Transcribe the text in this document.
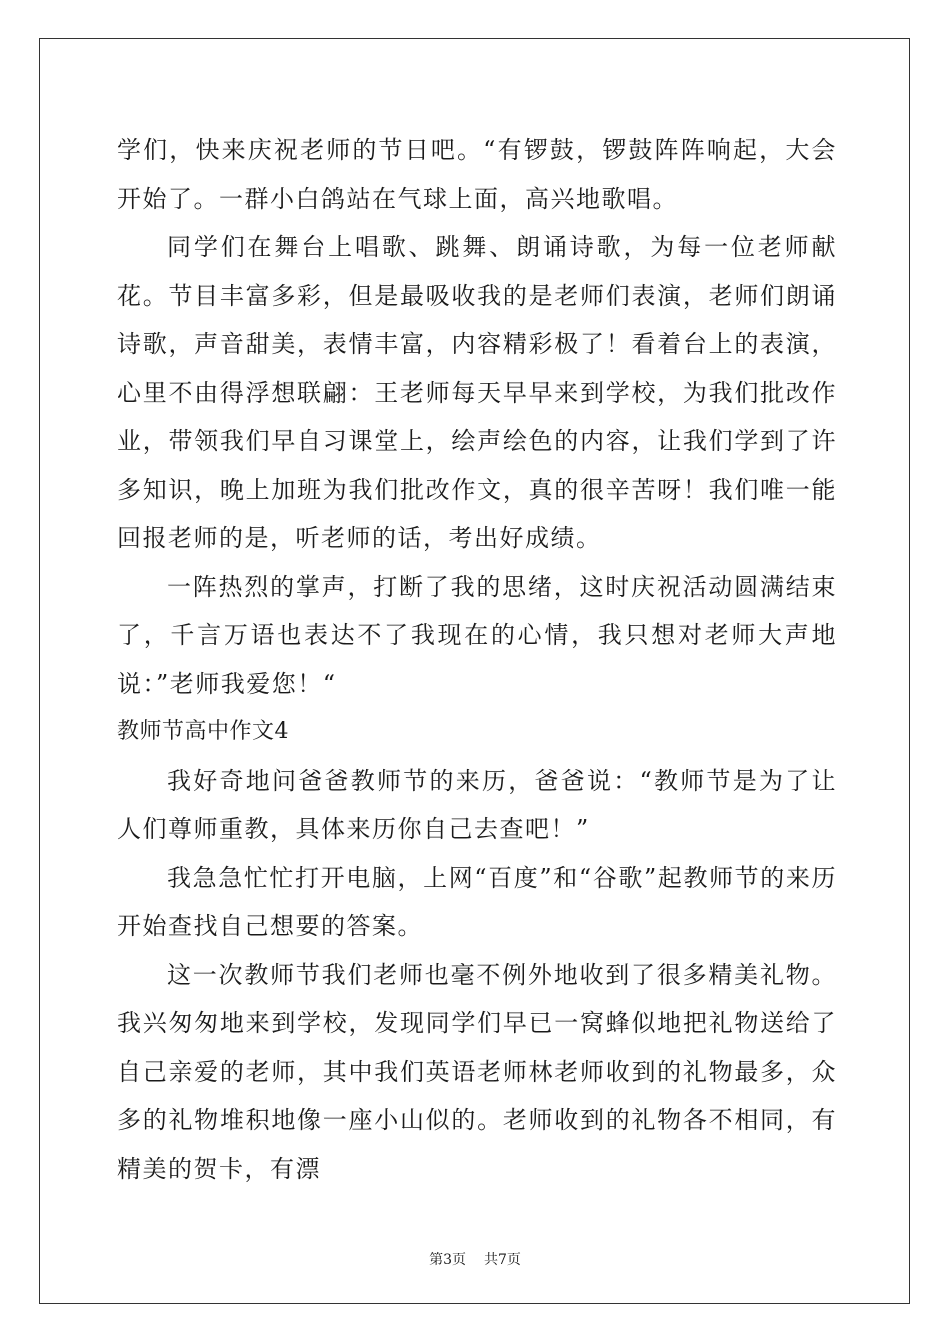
学们，快来庆祝老师的节日吧。“有锣鼓，锣鼓阵阵响起，大会开始了。一群小白鸽站在气球上面，高兴地歌唱。

同学们在舞台上唱歌、跳舞、朗诵诗歌，为每一位老师献花。节目丰富多彩，但是最吸收我的是老师们表演，老师们朗诵诗歌，声音甜美，表情丰富，内容精彩极了！看着台上的表演，心里不由得浮想联翩：王老师每天早早来到学校，为我们批改作业，带领我们早自习课堂上，绘声绘色的内容，让我们学到了许多知识，晚上加班为我们批改作文，真的很辛苦呀！我们唯一能回报老师的是，听老师的话，考出好成绩。

一阵热烈的掌声，打断了我的思绪，这时庆祝活动圆满结束了，千言万语也表达不了我现在的心情，我只想对老师大声地说：”老师我爱您！“

教师节高中作文4

我好奇地问爸爸教师节的来历，爸爸说：“教师节是为了让人们尊师重教，具体来历你自己去查吧！”

我急急忙忙打开电脑，上网“百度”和“谷歌”起教师节的来历开始查找自己想要的答案。

这一次教师节我们老师也毫不例外地收到了很多精美礼物。我兴匆匆地来到学校，发现同学们早已一窝蜂似地把礼物送给了自己亲爱的老师，其中我们英语老师林老师收到的礼物最多，众多的礼物堆积地像一座小山似的。老师收到的礼物各不相同，有精美的贺卡，有漂

第3页 共7页
